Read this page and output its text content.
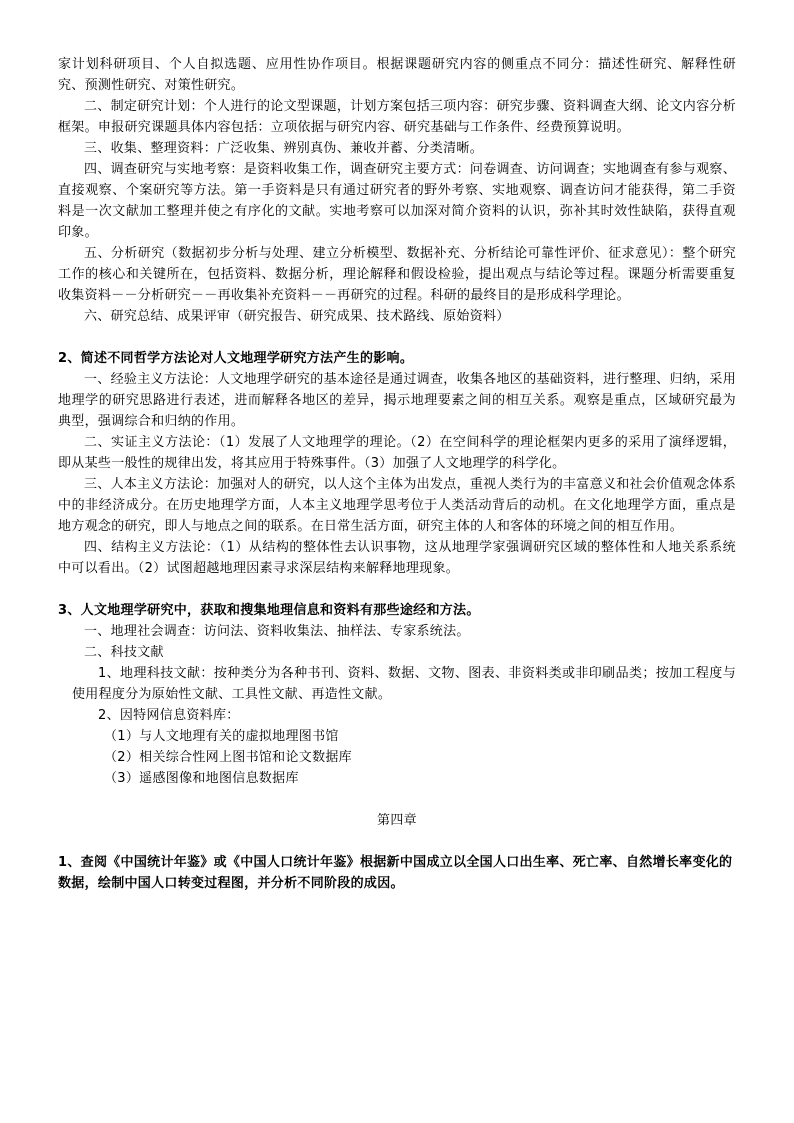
家计划科研项目、个人自拟选题、应用性协作项目。根据课题研究内容的侧重点不同分：描述性研究、解释性研究、预测性研究、对策性研究。

二、制定研究计划：个人进行的论文型课题，计划方案包括三项内容：研究步骤、资料调查大纲、论文内容分析框架。申报研究课题具体内容包括：立项依据与研究内容、研究基础与工作条件、经费预算说明。

三、收集、整理资料：广泛收集、辨别真伪、兼收并蓄、分类清晰。

四、调查研究与实地考察：是资料收集工作，调查研究主要方式：问卷调查、访问调查；实地调查有参与观察、直接观察、个案研究等方法。第一手资料是只有通过研究者的野外考察、实地观察、调查访问才能获得，第二手资料是一次文献加工整理并使之有序化的文献。实地考察可以加深对简介资料的认识，弥补其时效性缺陷，获得直观印象。

五、分析研究（数据初步分析与处理、建立分析模型、数据补充、分析结论可靠性评价、征求意见）：整个研究工作的核心和关键所在，包括资料、数据分析，理论解释和假设检验，提出观点与结论等过程。课题分析需要重复收集资料－－分析研究－－再收集补充资料－－再研究的过程。科研的最终目的是形成科学理论。

六、研究总结、成果评审（研究报告、研究成果、技术路线、原始资料）

2、简述不同哲学方法论对人文地理学研究方法产生的影响。

一、经验主义方法论：人文地理学研究的基本途径是通过调查，收集各地区的基础资料，进行整理、归纳，采用地理学的研究思路进行表述，进而解释各地区的差异，揭示地理要素之间的相互关系。观察是重点，区域研究最为典型，强调综合和归纳的作用。

二、实证主义方法论：（1）发展了人文地理学的理论。（2）在空间科学的理论框架内更多的采用了演绎逻辑，即从某些一般性的规律出发，将其应用于特殊事件。（3）加强了人文地理学的科学化。

三、人本主义方法论：加强对人的研究，以人这个主体为出发点，重视人类行为的丰富意义和社会价值观念体系中的非经济成分。在历史地理学方面，人本主义地理学思考位于人类活动背后的动机。在文化地理学方面，重点是地方观念的研究，即人与地点之间的联系。在日常生活方面，研究主体的人和客体的环境之间的相互作用。

四、结构主义方法论：（1）从结构的整体性去认识事物，这从地理学家强调研究区域的整体性和人地关系系统中可以看出。（2）试图超越地理因素寻求深层结构来解释地理现象。

3、人文地理学研究中，获取和搜集地理信息和资料有那些途经和方法。

一、地理社会调查：访问法、资料收集法、抽样法、专家系统法。

二、科技文献

1、地理科技文献：按种类分为各种书刊、资料、数据、文物、图表、非资料类或非印刷品类；按加工程度与使用程度分为原始性文献、工具性文献、再造性文献。

2、因特网信息资料库：

（1）与人文地理有关的虚拟地理图书馆

（2）相关综合性网上图书馆和论文数据库

（3）遥感图像和地图信息数据库

第四章

1、查阅《中国统计年鉴》或《中国人口统计年鉴》根据新中国成立以全国人口出生率、死亡率、自然增长率变化的数据，绘制中国人口转变过程图，并分析不同阶段的成因。
